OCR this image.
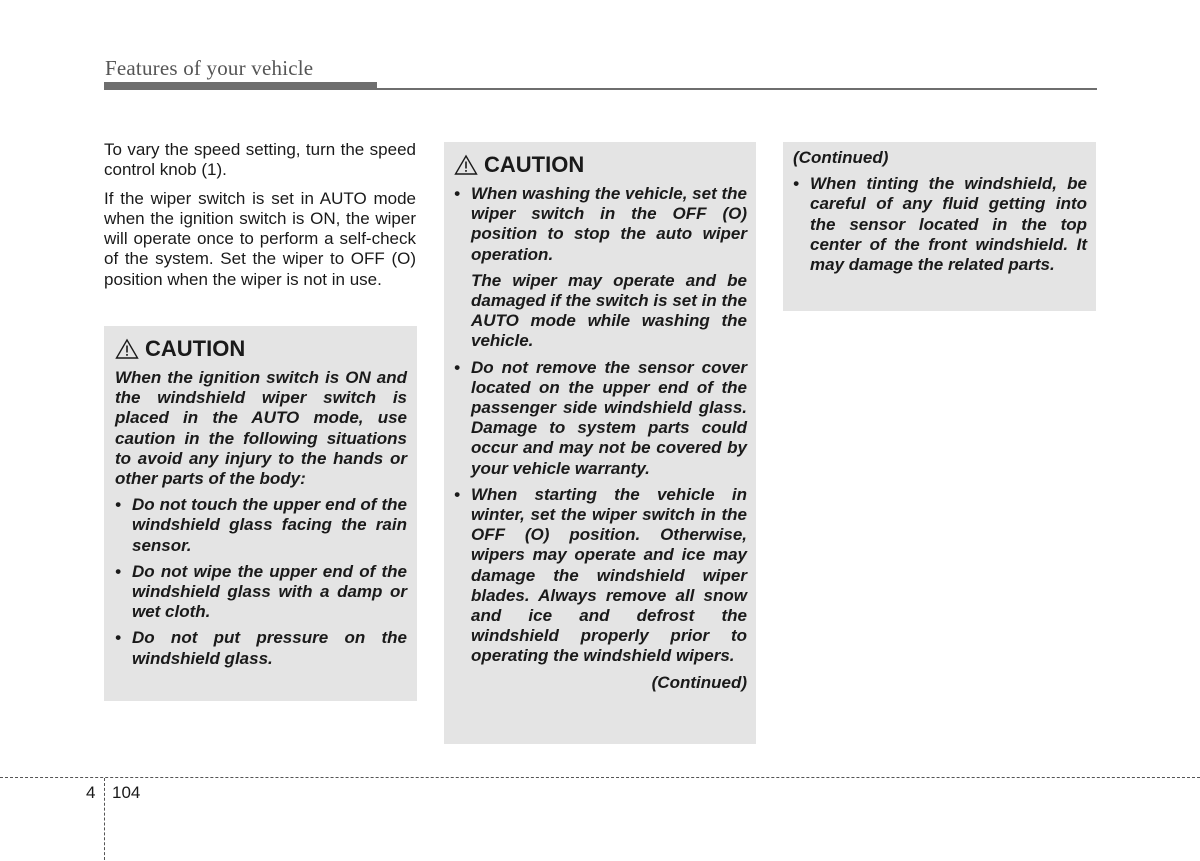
Features of your vehicle

To vary the speed setting, turn the speed control knob (1).

If the wiper switch is set in AUTO mode when the ignition switch is ON, the wiper will operate once to perform a self-check of the system. Set the wiper to OFF (O) position when the wiper is not in use.

CAUTION

When the ignition switch is ON and the windshield wiper switch is placed in the AUTO mode, use caution in the following situations to avoid any injury to the hands or other parts of the body:

• Do not touch the upper end of the windshield glass facing the rain sensor.
• Do not wipe the upper end of the windshield glass with a damp or wet cloth.
• Do not put pressure on the windshield glass.
CAUTION
• When washing the vehicle, set the wiper switch in the OFF (O) position to stop the auto wiper operation.

The wiper may operate and be damaged if the switch is set in the AUTO mode while washing the vehicle.

• Do not remove the sensor cover located on the upper end of the passenger side windshield glass. Damage to system parts could occur and may not be covered by your vehicle warranty.
• When starting the vehicle in winter, set the wiper switch in the OFF (O) position. Otherwise, wipers may operate and ice may damage the windshield wiper blades. Always remove all snow and ice and defrost the windshield properly prior to operating the windshield wipers.

(Continued)

(Continued)

• When tinting the windshield, be careful of any fluid getting into the sensor located in the top center of the front windshield. It may damage the related parts.
4 104
